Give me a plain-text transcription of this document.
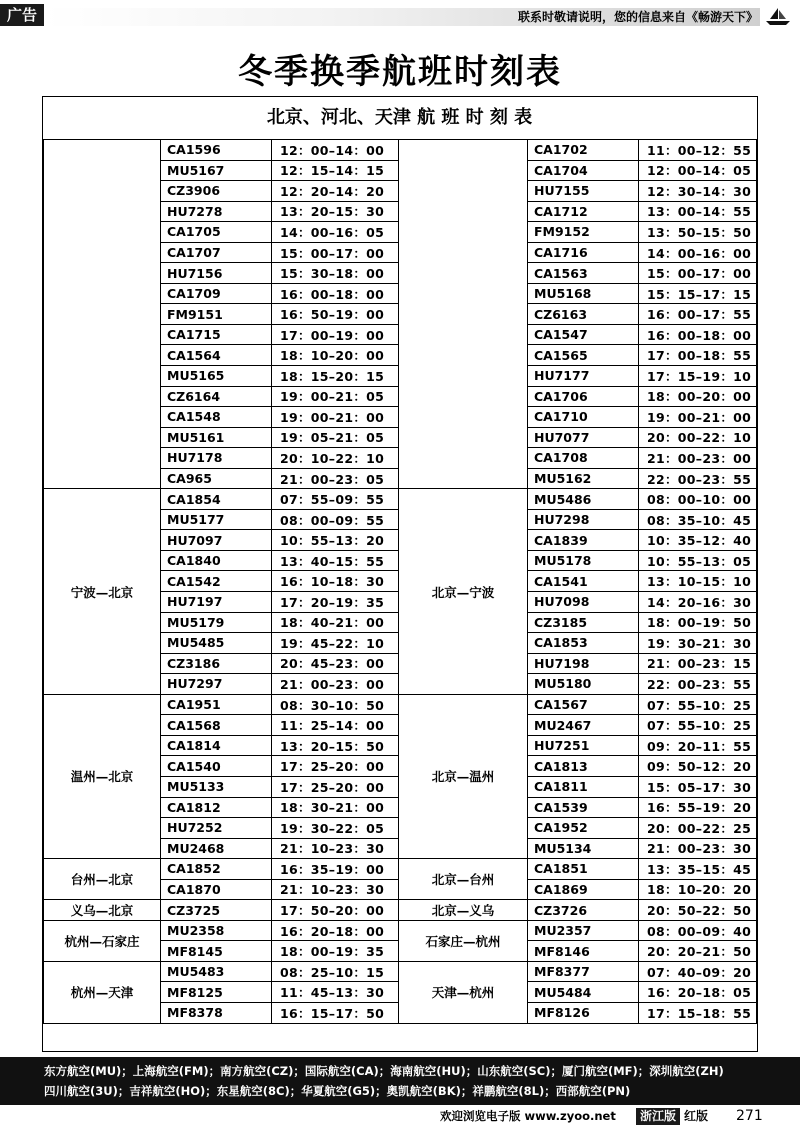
广告	联系时敬请说明，您的信息来自《畅游天下》
冬季换季航班时刻表
北京、河北、天津 航 班 时 刻 表
	CA1596	12：00–14：00		CA1702	11：00–12：55
	MU5167	12：15–14：15		CA1704	12：00–14：05
	CZ3906	12：20–14：20		HU7155	12：30–14：30
	HU7278	13：20–15：30		CA1712	13：00–14：55
	CA1705	14：00–16：05		FM9152	13：50–15：50
	CA1707	15：00–17：00		CA1716	14：00–16：00
	HU7156	15：30–18：00		CA1563	15：00–17：00
	CA1709	16：00–18：00		MU5168	15：15–17：15
	FM9151	16：50–19：00		CZ6163	16：00–17：55
	CA1715	17：00–19：00		CA1547	16：00–18：00
	CA1564	18：10–20：00		CA1565	17：00–18：55
	MU5165	18：15–20：15		HU7177	17：15–19：10
	CZ6164	19：00–21：05		CA1706	18：00–20：00
	CA1548	19：00–21：00		CA1710	19：00–21：00
	MU5161	19：05–21：05		HU7077	20：00–22：10
	HU7178	20：10–22：10		CA1708	21：00–23：00
	CA965	21：00–23：05		MU5162	22：00–23：55
宁波—北京	CA1854	07：55–09：55	北京—宁波	MU5486	08：00–10：00
	MU5177	08：00–09：55		HU7298	08：35–10：45
	HU7097	10：55–13：20		CA1839	10：35–12：40
	CA1840	13：40–15：55		MU5178	10：55–13：05
	CA1542	16：10–18：30		CA1541	13：10–15：10
	HU7197	17：20–19：35		HU7098	14：20–16：30
	MU5179	18：40–21：00		CZ3185	18：00–19：50
	MU5485	19：45–22：10		CA1853	19：30–21：30
	CZ3186	20：45–23：00		HU7198	21：00–23：15
	HU7297	21：00–23：00		MU5180	22：00–23：55
温州—北京	CA1951	08：30–10：50	北京—温州	CA1567	07：55–10：25
	CA1568	11：25–14：00		MU2467	07：55–10：25
	CA1814	13：20–15：50		HU7251	09：20–11：55
	CA1540	17：25–20：00		CA1813	09：50–12：20
	MU5133	17：25–20：00		CA1811	15：05–17：30
	CA1812	18：30–21：00		CA1539	16：55–19：20
	HU7252	19：30–22：05		CA1952	20：00–22：25
	MU2468	21：10–23：30		MU5134	21：00–23：30
台州—北京	CA1852	16：35–19：00	北京—台州	CA1851	13：35–15：45
	CA1870	21：10–23：30		CA1869	18：10–20：20
义乌—北京	CZ3725	17：50–20：00	北京—义乌	CZ3726	20：50–22：50
杭州—石家庄	MU2358	16：20–18：00	石家庄—杭州	MU2357	08：00–09：40
	MF8145	18：00–19：35		MF8146	20：20–21：50
杭州—天津	MU5483	08：25–10：15	天津—杭州	MF8377	07：40–09：20
	MF8125	11：45–13：30		MU5484	16：20–18：05
	MF8378	16：15–17：50		MF8126	17：15–18：55
东方航空(MU)；上海航空(FM)；南方航空(CZ)；国际航空(CA)；海南航空(HU)；山东航空(SC)；厦门航空(MF)；深圳航空(ZH)
四川航空(3U)；吉祥航空(HO)；东星航空(8C)；华夏航空(G5)；奥凯航空(BK)；祥鹏航空(8L)；西部航空(PN)
欢迎浏览电子版 www.zyoo.net	浙江版 红版 271
